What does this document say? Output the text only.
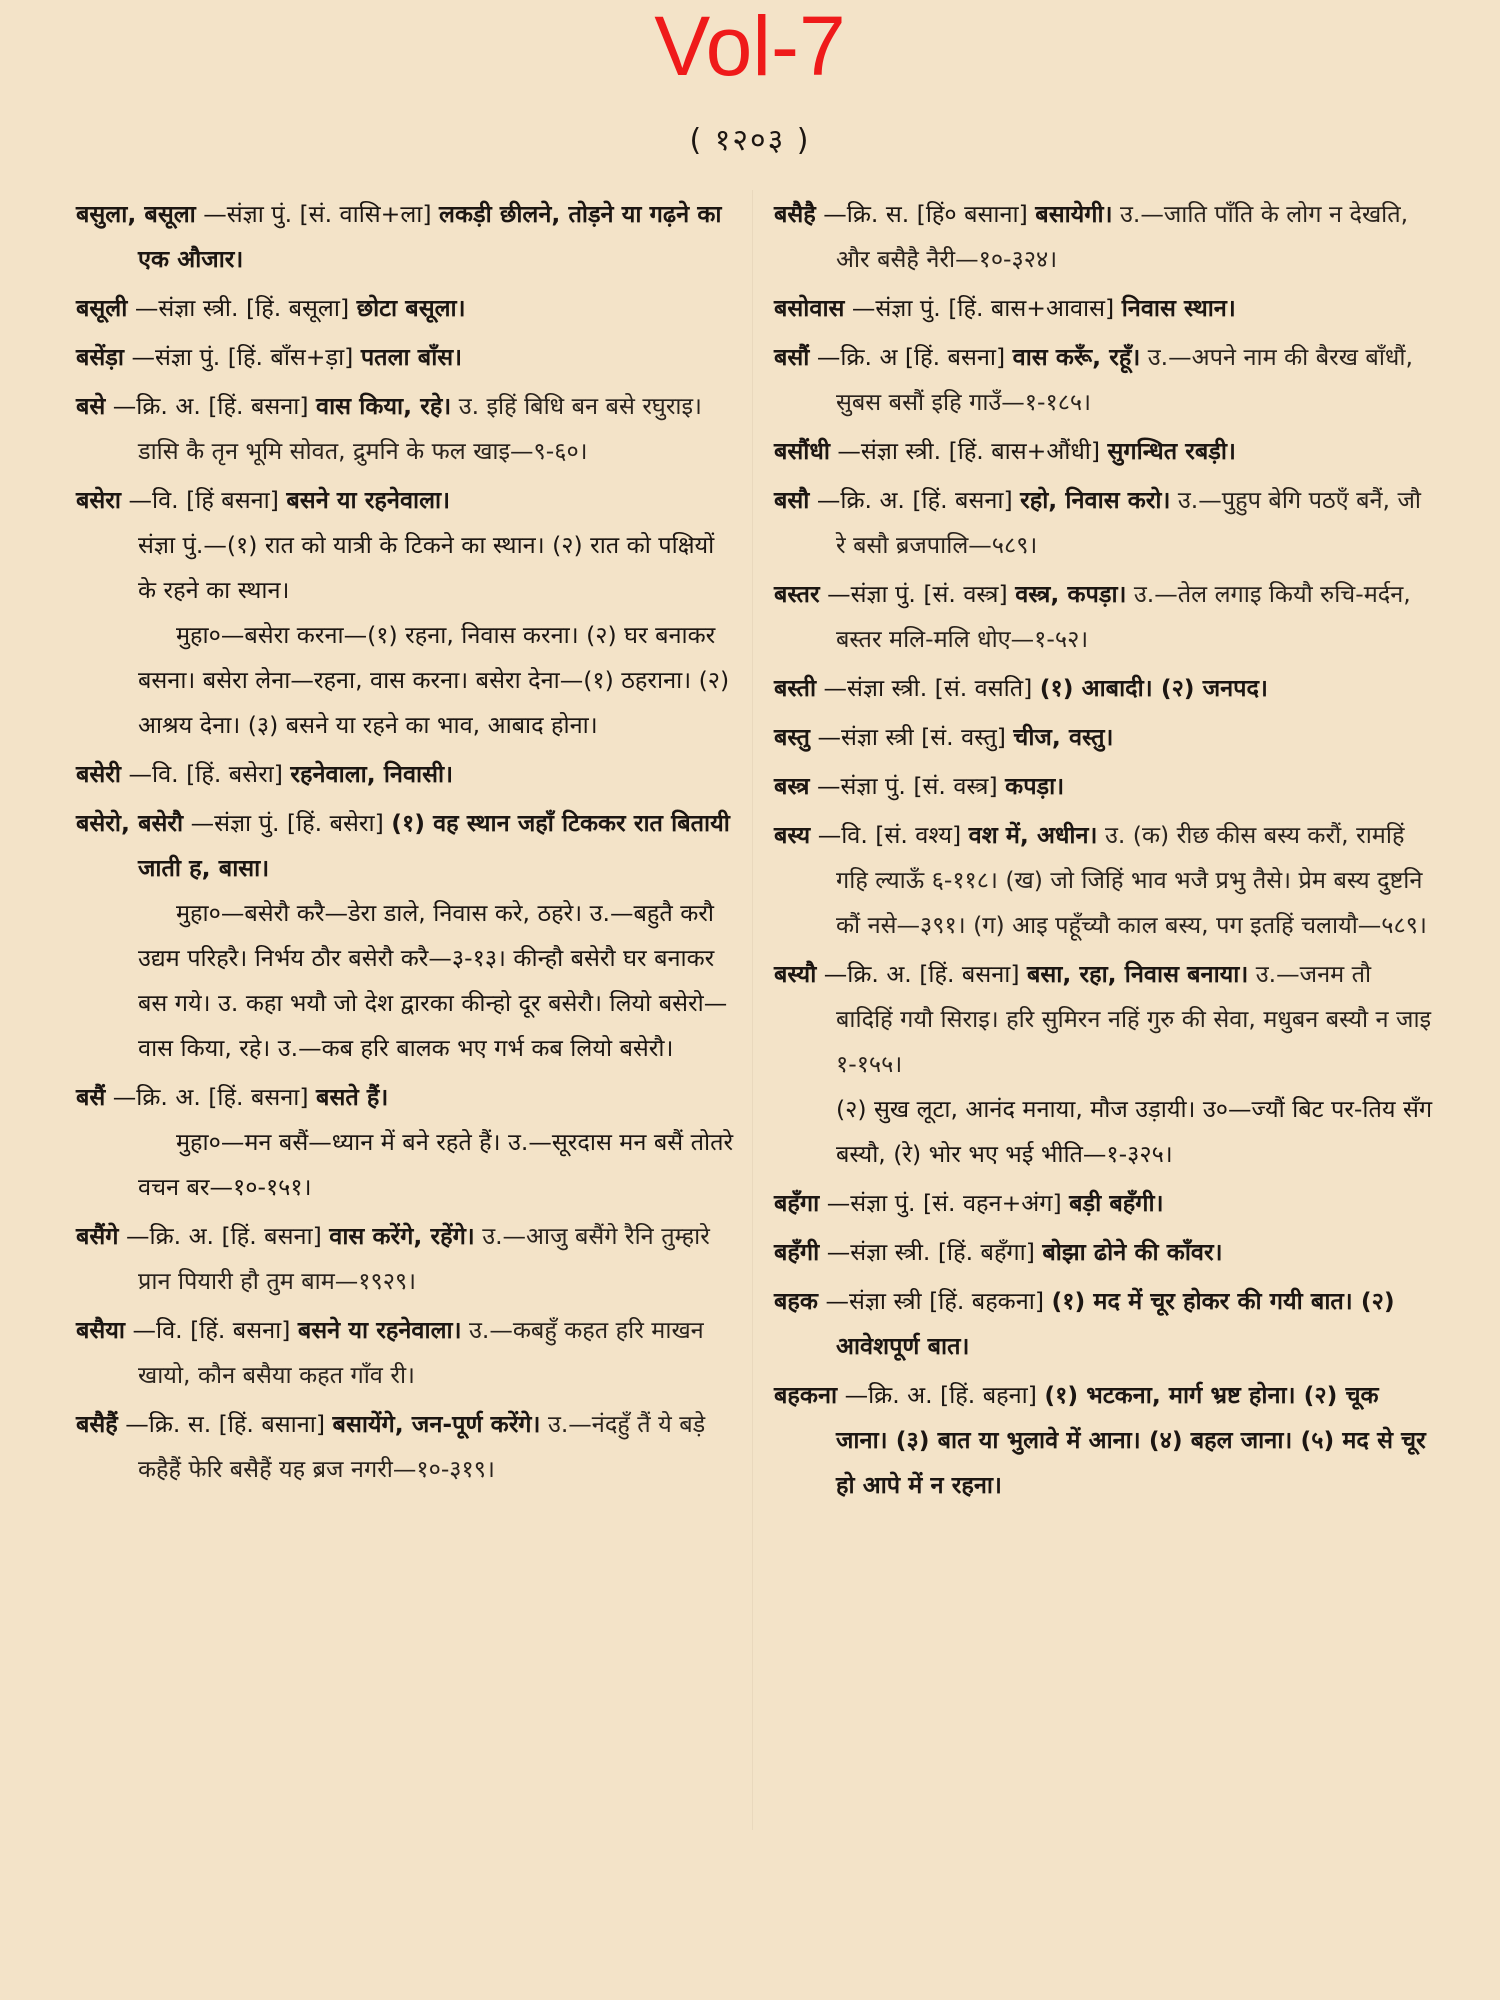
Vol-7
( १२०३ )

बसुला, बसूला —संज्ञा पुं. [सं. वासि+ला] लकड़ी छीलने, तोड़ने या गढ़ने का एक औजार।

बसूली —संज्ञा स्त्री. [हिं. बसूला] छोटा बसूला।

बसेंड़ा —संज्ञा पुं. [हिं. बाँस+ड़ा] पतला बाँस।

बसे —क्रि. अ. [हिं. बसना] वास किया, रहे। उ. इहिं बिधि बन बसे रघुराइ। डासि कै तृन भूमि सोवत, द्रुमनि के फल खाइ—९-६०।

बसेरा —वि. [हिं बसना] बसने या रहनेवाला।

संज्ञा पुं.—(१) रात को यात्री के टिकने का स्थान। (२) रात को पक्षियों के रहने का स्थान।

मुहा०—बसेरा करना—(१) रहना, निवास करना। (२) घर बनाकर बसना। बसेरा लेना—रहना, वास करना। बसेरा देना—(१) ठहराना। (२) आश्रय देना। (३) बसने या रहने का भाव, आबाद होना।

बसेरी —वि. [हिं. बसेरा] रहनेवाला, निवासी।

बसेरो, बसेरौ —संज्ञा पुं. [हिं. बसेरा] (१) वह स्थान जहाँ टिककर रात बितायी जाती ह, बासा।

मुहा०—बसेरौ करै—डेरा डाले, निवास करे, ठहरे। उ.—बहुतै करौ उद्यम परिहरै। निर्भय ठौर बसेरौ करै—३-१३। कीन्हौ बसेरौ घर बनाकर बस गये। उ. कहा भयौ जो देश द्वारका कीन्हो दूर बसेरौ। लियो बसेरो—वास किया, रहे। उ.—कब हरि बालक भए गर्भ कब लियो बसेरौ।

बसैं —क्रि. अ. [हिं. बसना] बसते हैं।

मुहा०—मन बसैं—ध्यान में बने रहते हैं। उ.—सूरदास मन बसैं तोतरे वचन बर—१०-१५१।

बसैंगे —क्रि. अ. [हिं. बसना] वास करेंगे, रहेंगे। उ.—आजु बसैंगे रैनि तुम्हारे प्रान पियारी हौ तुम बाम—१९२९।

बसैया —वि. [हिं. बसना] बसने या रहनेवाला। उ.—कबहुँ कहत हरि माखन खायो, कौन बसैया कहत गाँव री।

बसैहैं —क्रि. स. [हिं. बसाना] बसायेंगे, जन-पूर्ण करेंगे। उ.—नंदहुँ तैं ये बड़े कहैहैं फेरि बसैहैं यह ब्रज नगरी—१०-३१९।

बसैहै —क्रि. स. [हिं० बसाना] बसायेगी। उ.—जाति पाँति के लोग न देखति, और बसैहै नैरी—१०-३२४।

बसोवास —संज्ञा पुं. [हिं. बास+आवास] निवास स्थान।

बसौं —क्रि. अ [हिं. बसना] वास करूँ, रहूँ। उ.—अपने नाम की बैरख बाँधौं, सुबस बसौं इहि गाउँ—१-१८५।

बसौंधी —संज्ञा स्त्री. [हिं. बास+औंधी] सुगन्धित रबड़ी।

बसौ —क्रि. अ. [हिं. बसना] रहो, निवास करो। उ.—पुहुप बेगि पठएँ बनैं, जौ रे बसौ ब्रजपालि—५८९।

बस्तर —संज्ञा पुं. [सं. वस्त्र] वस्त्र, कपड़ा। उ.—तेल लगाइ कियौ रुचि-मर्दन, बस्तर मलि-मलि धोए—१-५२।

बस्ती —संज्ञा स्त्री. [सं. वसति] (१) आबादी। (२) जनपद।

बस्तु —संज्ञा स्त्री [सं. वस्तु] चीज, वस्तु।

बस्त्र —संज्ञा पुं. [सं. वस्त्र] कपड़ा।

बस्य —वि. [सं. वश्य] वश में, अधीन। उ. (क) रीछ कीस बस्य करौं, रामहिं गहि ल्याऊँ ६-११८। (ख) जो जिहिं भाव भजै प्रभु तैसे। प्रेम बस्य दुष्टनि कौं नसे—३९१। (ग) आइ पहूँच्यौ काल बस्य, पग इतहिं चलायौ—५८९।

बस्यौ —क्रि. अ. [हिं. बसना] बसा, रहा, निवास बनाया। उ.—जनम तौ बादिहिं गयौ सिराइ। हरि सुमिरन नहिं गुरु की सेवा, मधुबन बस्यौ न जाइ १-१५५।

(२) सुख लूटा, आनंद मनाया, मौज उड़ायी। उ०—ज्यौं बिट पर-तिय सँग बस्यौ, (रे) भोर भए भई भीति—१-३२५।

बहँगा —संज्ञा पुं. [सं. वहन+अंग] बड़ी बहँगी।

बहँगी —संज्ञा स्त्री. [हिं. बहँगा] बोझा ढोने की काँवर।

बहक —संज्ञा स्त्री [हिं. बहकना] (१) मद में चूर होकर की गयी बात। (२) आवेशपूर्ण बात।

बहकना —क्रि. अ. [हिं. बहना] (१) भटकना, मार्ग भ्रष्ट होना। (२) चूक जाना। (३) बात या भुलावे में आना। (४) बहल जाना। (५) मद से चूर हो आपे में न रहना।
